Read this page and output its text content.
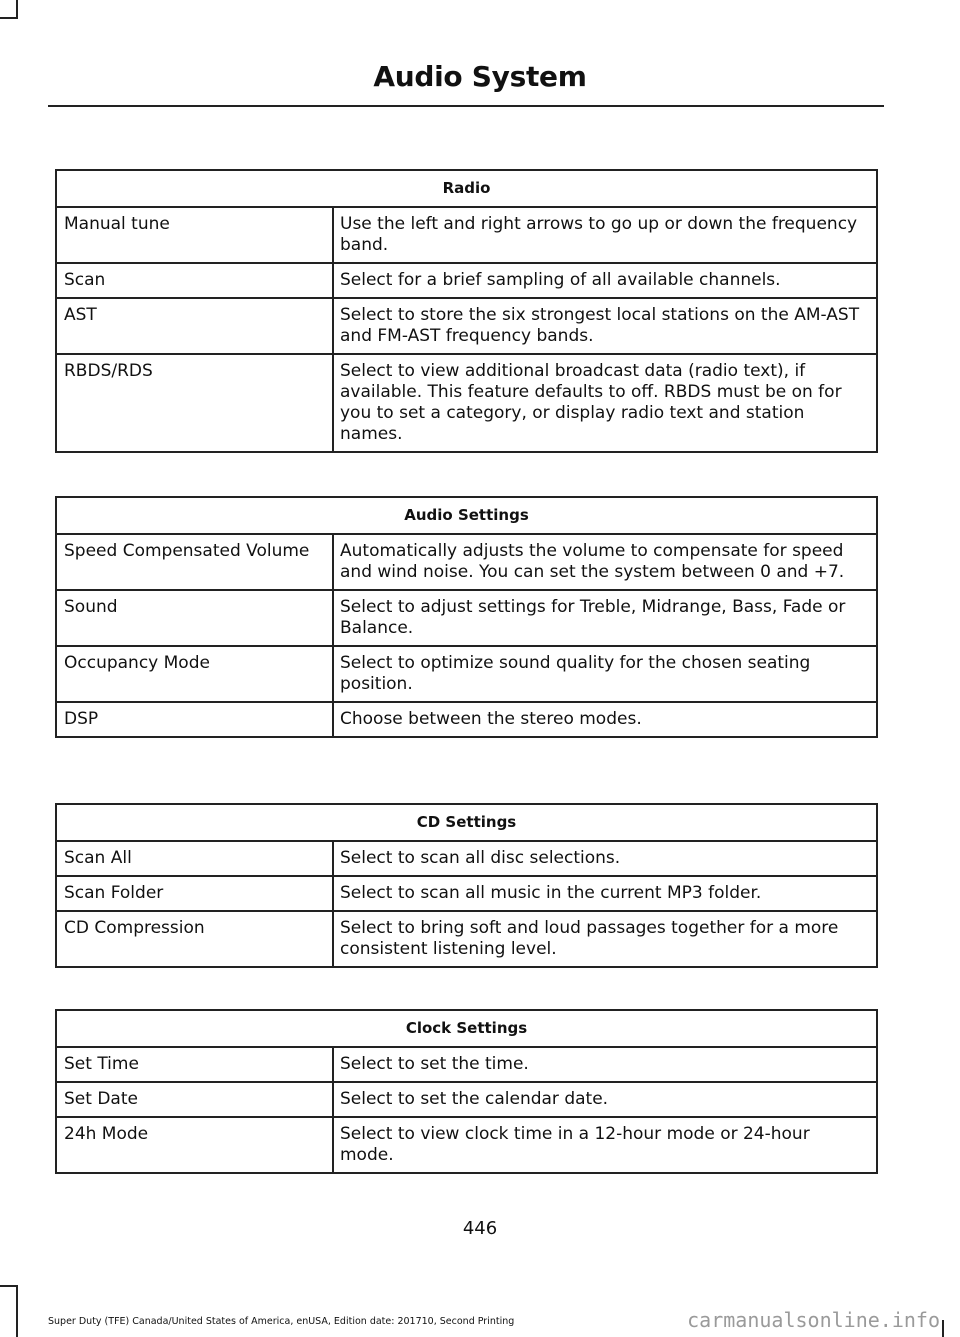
Audio System
Radio	
Manual tune	Use the left and right arrows to go up or down the frequency band.
Scan	Select for a brief sampling of all available channels.
AST	Select to store the six strongest local stations on the AM-AST and FM-AST frequency bands.
RBDS/RDS	Select to view additional broadcast data (radio text), if available. This feature defaults to off. RBDS must be on for you to set a category, or display radio text and station names.
Audio Settings	
Speed Compensated Volume	Automatically adjusts the volume to compensate for speed and wind noise. You can set the system between 0 and +7.
Sound	Select to adjust settings for Treble, Midrange, Bass, Fade or Balance.
Occupancy Mode	Select to optimize sound quality for the chosen seating position.
DSP	Choose between the stereo modes.
CD Settings	
Scan All	Select to scan all disc selections.
Scan Folder	Select to scan all music in the current MP3 folder.
CD Compression	Select to bring soft and loud passages together for a more consistent listening level.
Clock Settings	
Set Time	Select to set the time.
Set Date	Select to set the calendar date.
24h Mode	Select to view clock time in a 12-hour mode or 24-hour mode.
446
Super Duty (TFE) Canada/United States of America, enUSA, Edition date: 201710, Second Printing	carmanualsonline.info
